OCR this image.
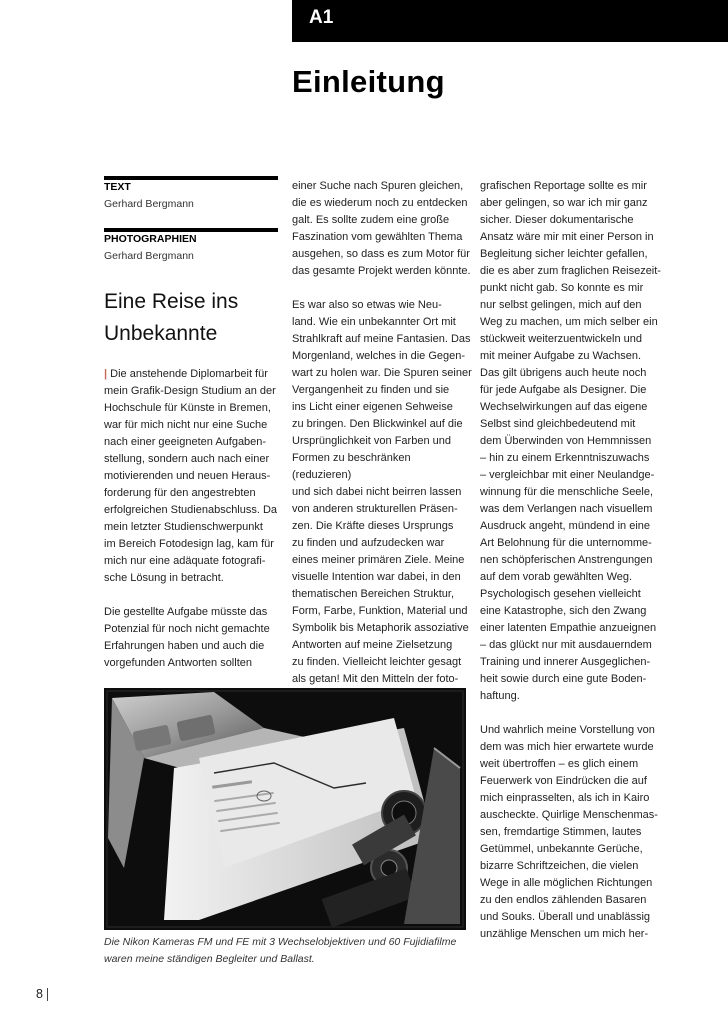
A1
Einleitung
TEXT
Gerhard Bergmann
PHOTOGRAPHIEN
Gerhard Bergmann
Eine Reise ins Unbekannte

| Die anstehende Diplomarbeit für
mein Grafik-Design Studium an der
Hochschule für Künste in Bremen,
war für mich nicht nur eine Suche
nach einer geeigneten Aufgaben-
stellung, sondern auch nach einer
motivierenden und neuen Heraus-
forderung für den angestrebten
erfolgreichen Studienabschluss. Da
mein letzter Studienschwerpunkt
im Bereich Fotodesign lag, kam für
mich nur eine adäquate fotografi-
sche Lösung in betracht.

Die gestellte Aufgabe müsste das
Potenzial für noch nicht gemachte
Erfahrungen haben und auch die
vorgefunden Antworten sollten

einer Suche nach Spuren gleichen,
die es wiederum noch zu entdecken
galt. Es sollte zudem eine große
Faszination vom gewählten Thema
ausgehen, so dass es zum Motor für
das gesamte Projekt werden könnte.

Es war also so etwas wie Neu-
land. Wie ein unbekannter Ort mit
Strahlkraft auf meine Fantasien. Das
Morgenland, welches in die Gegen-
wart zu holen war. Die Spuren seiner
Vergangenheit zu finden und sie
ins Licht einer eigenen Sehweise
zu bringen. Den Blickwinkel auf die
Ursprünglichkeit von Farben und
Formen zu beschränken (reduzieren)
und sich dabei nicht beirren lassen
von anderen strukturellen Präsen-
zen. Die Kräfte dieses Ursprungs
zu finden und aufzudecken war
eines meiner primären Ziele. Meine
visuelle Intention war dabei, in den
thematischen Bereichen Struktur,
Form, Farbe, Funktion, Material und
Symbolik bis Metaphorik assoziative
Antworten auf meine Zielsetzung
zu finden. Vielleicht leichter gesagt
als getan! Mit den Mitteln der foto-

grafischen Reportage sollte es mir
aber gelingen, so war ich mir ganz
sicher. Dieser dokumentarische
Ansatz wäre mir mit einer Person in
Begleitung sicher leichter gefallen,
die es aber zum fraglichen Reisezeit-
punkt nicht gab. So konnte es mir
nur selbst gelingen, mich auf den
Weg zu machen, um mich selber ein
stückweit weiterzuentwickeln und
mit meiner Aufgabe zu Wachsen.
Das gilt übrigens auch heute noch
für jede Aufgabe als Designer. Die
Wechselwirkungen auf das eigene
Selbst sind gleichbedeutend mit
dem Überwinden von Hemmnissen
– hin zu einem Erkenntniszuwachs
– vergleichbar mit einer Neulandge-
winnung für die menschliche Seele,
was dem Verlangen nach visuellem
Ausdruck angeht, mündend in eine
Art Belohnung für die unternomme-
nen schöpferischen Anstrengungen
auf dem vorab gewählten Weg.
Psychologisch gesehen vielleicht
eine Katastrophe, sich den Zwang
einer latenten Empathie anzueignen
– das glückt nur mit ausdauerndem
Training und innerer Ausgeglichen-
heit sowie durch eine gute Boden-
haftung.

Und wahrlich meine Vorstellung von
dem was mich hier erwartete wurde
weit übertroffen – es glich einem
Feuerwerk von Eindrücken die auf
mich einprasselten, als ich in Kairo
auscheckte. Quirlige Menschenmas-
sen, fremdartige Stimmen, lautes
Getümmel, unbekannte Gerüche,
bizarre Schriftzeichen, die vielen
Wege in alle möglichen Richtungen
zu den endlos zählenden Basaren
und Souks. Überall und unablässig
unzählige Menschen um mich her-

Die Nikon Kameras FM und FE mit 3 Wechselobjektiven und 60 Fujidiafilme
waren meine ständigen Begleiter und Ballast.
8
